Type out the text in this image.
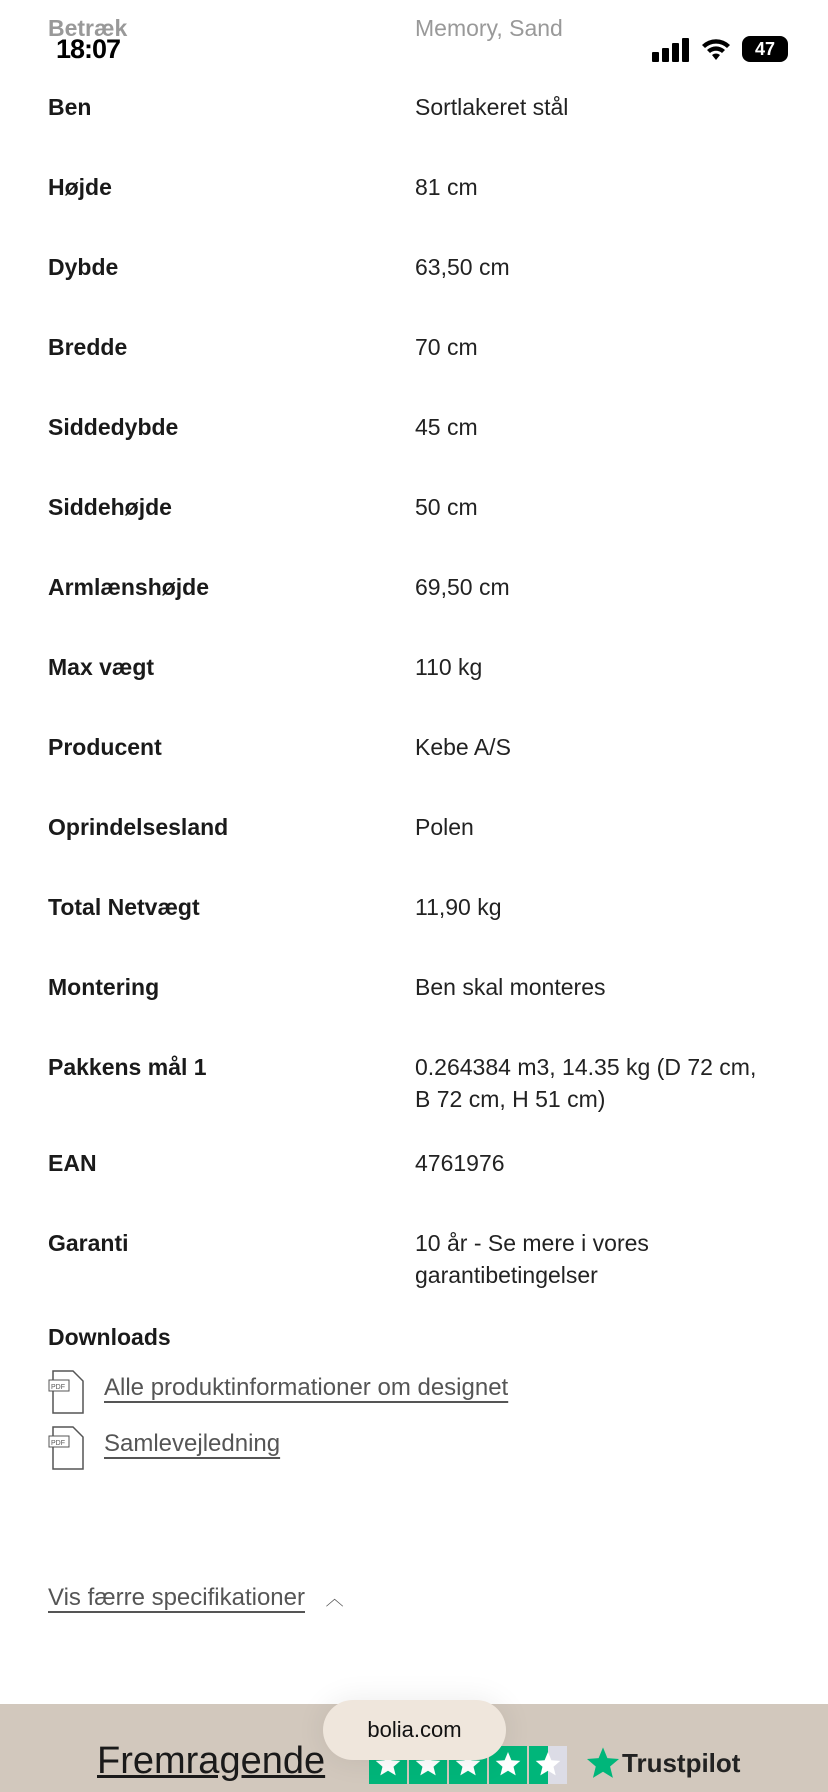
Betræk	Memory, Sand
Ben	Sortlakeret stål
Højde	81 cm
Dybde	63,50 cm
Bredde	70 cm
Siddedybde	45 cm
Siddehøjde	50 cm
Armlænshøjde	69,50 cm
Max vægt	110 kg
Producent	Kebe A/S
Oprindelsesland	Polen
Total Netvægt	11,90 kg
Montering	Ben skal monteres
Pakkens mål 1	0.264384 m3, 14.35 kg (D 72 cm, B 72 cm, H 51 cm)
EAN	4761976
Garanti	10 år - Se mere i vores garantibetingelser
18:07	47
Downloads
PDF Alle produktinformationer om designet
PDF Samlevejledning
Vis færre specifikationer ︿
Fremragende	Trustpilot
bolia.com
